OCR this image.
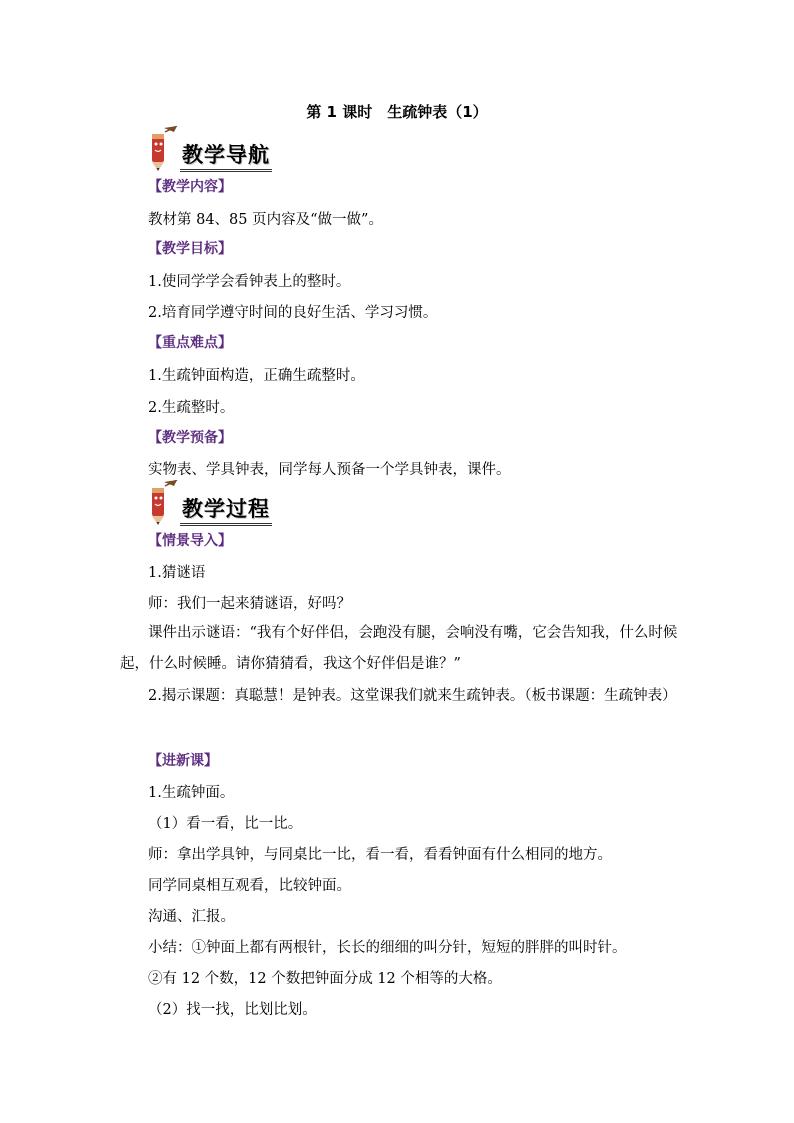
第 1 课时　生疏钟表（1）
教学导航
【教学内容】
教材第 84、85 页内容及“做一做”。
【教学目标】
1.使同学学会看钟表上的整时。
2.培育同学遵守时间的良好生活、学习习惯。
【重点难点】
1.生疏钟面构造，正确生疏整时。
2.生疏整时。
【教学预备】
实物表、学具钟表，同学每人预备一个学具钟表，课件。
教学过程
【情景导入】
1.猜谜语
师：我们一起来猜谜语，好吗？
课件出示谜语：“我有个好伴侣，会跑没有腿，会响没有嘴，它会告知我，什么时候起，什么时候睡。请你猜猜看，我这个好伴侣是谁？”
2.揭示课题：真聪慧！是钟表。这堂课我们就来生疏钟表。（板书课题：生疏钟表）
【进新课】
1.生疏钟面。
（1）看一看，比一比。
师：拿出学具钟，与同桌比一比，看一看，看看钟面有什么相同的地方。
同学同桌相互观看，比较钟面。
沟通、汇报。
小结：①钟面上都有两根针，长长的细细的叫分针，短短的胖胖的叫时针。
②有 12 个数，12 个数把钟面分成 12 个相等的大格。
（2）找一找，比划比划。
